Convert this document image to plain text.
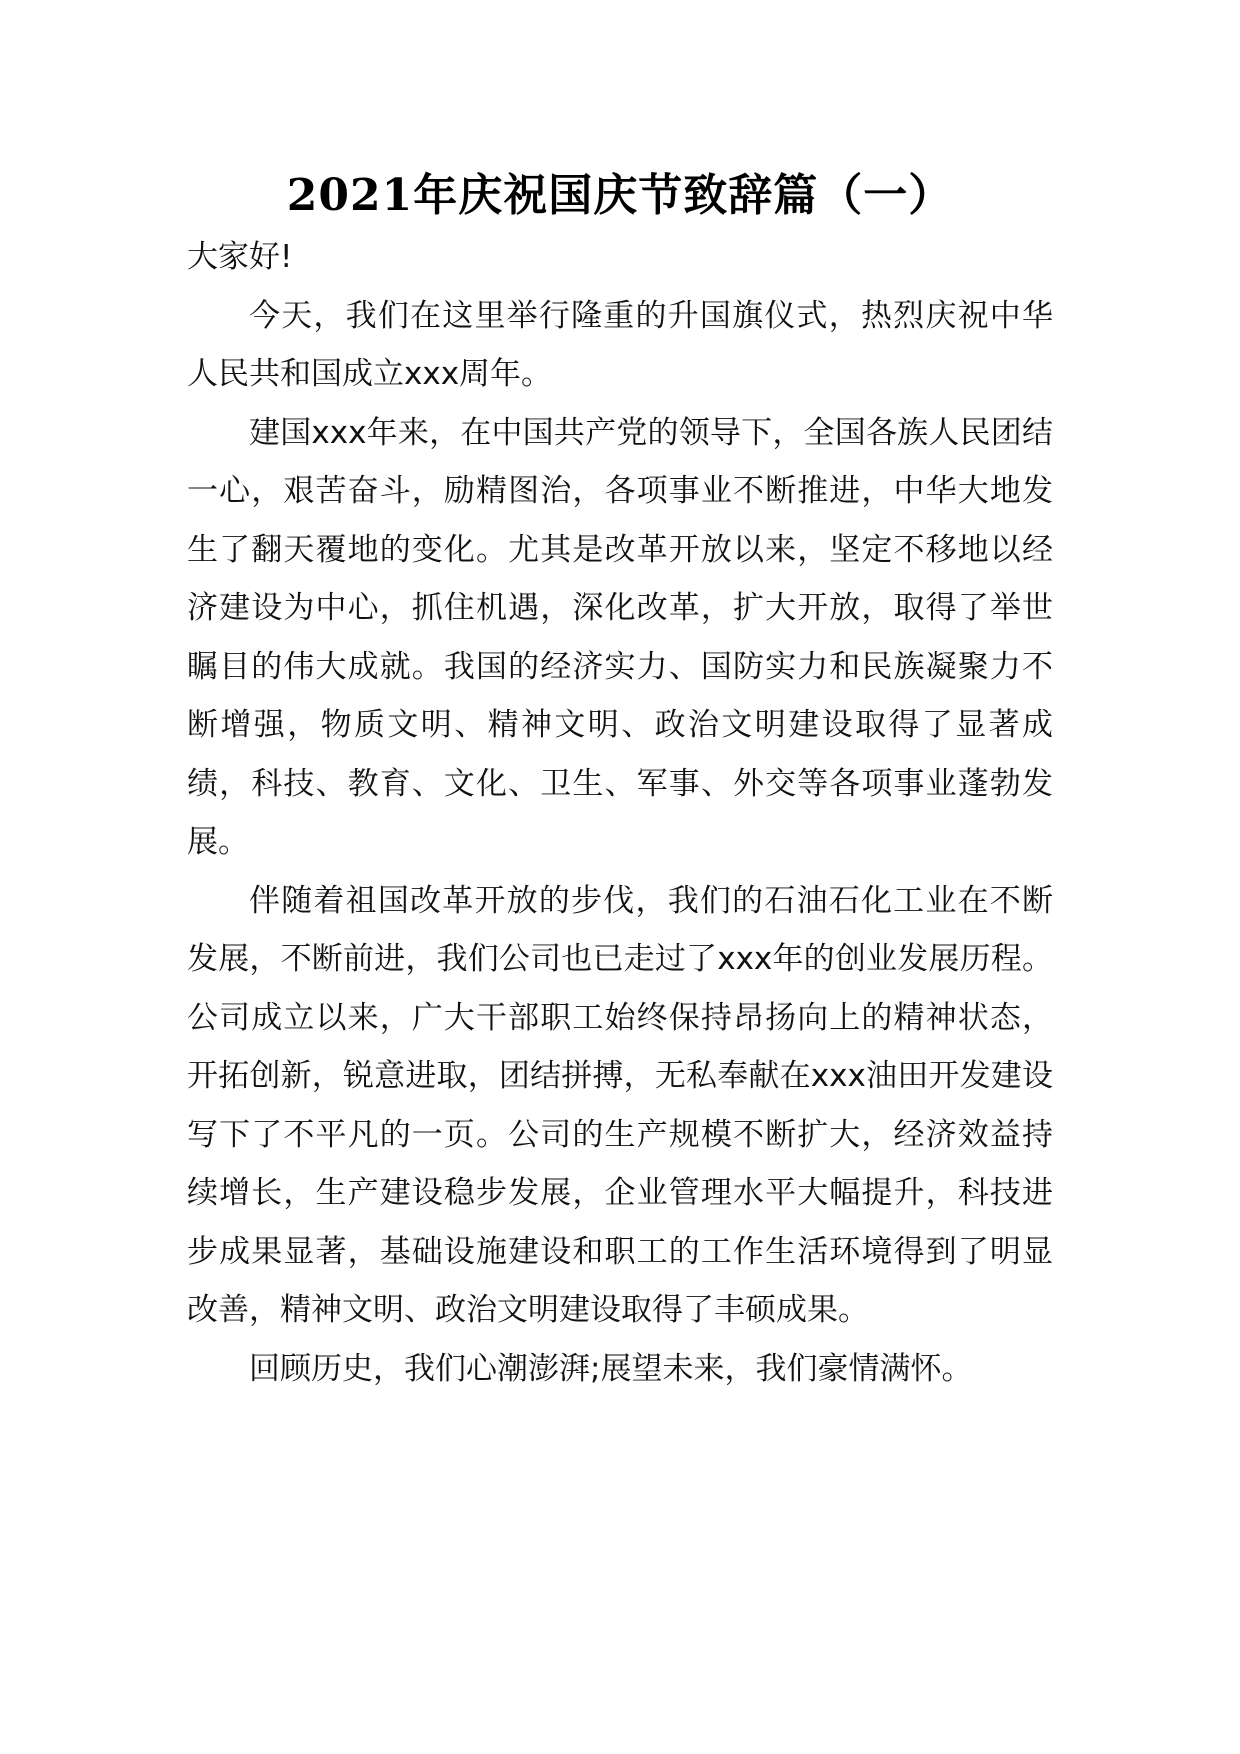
2021年庆祝国庆节致辞篇（一）

大家好!

今天，我们在这里举行隆重的升国旗仪式，热烈庆祝中华人民共和国成立xxx周年。

建国xxx年来，在中国共产党的领导下，全国各族人民团结一心，艰苦奋斗，励精图治，各项事业不断推进，中华大地发生了翻天覆地的变化。尤其是改革开放以来，坚定不移地以经济建设为中心，抓住机遇，深化改革，扩大开放，取得了举世瞩目的伟大成就。我国的经济实力、国防实力和民族凝聚力不断增强，物质文明、精神文明、政治文明建设取得了显著成绩，科技、教育、文化、卫生、军事、外交等各项事业蓬勃发展。

伴随着祖国改革开放的步伐，我们的石油石化工业在不断发展，不断前进，我们公司也已走过了xxx年的创业发展历程。公司成立以来，广大干部职工始终保持昂扬向上的精神状态，开拓创新，锐意进取，团结拼搏，无私奉献在xxx油田开发建设写下了不平凡的一页。公司的生产规模不断扩大，经济效益持续增长，生产建设稳步发展，企业管理水平大幅提升，科技进步成果显著，基础设施建设和职工的工作生活环境得到了明显改善，精神文明、政治文明建设取得了丰硕成果。

回顾历史，我们心潮澎湃;展望未来，我们豪情满怀。
